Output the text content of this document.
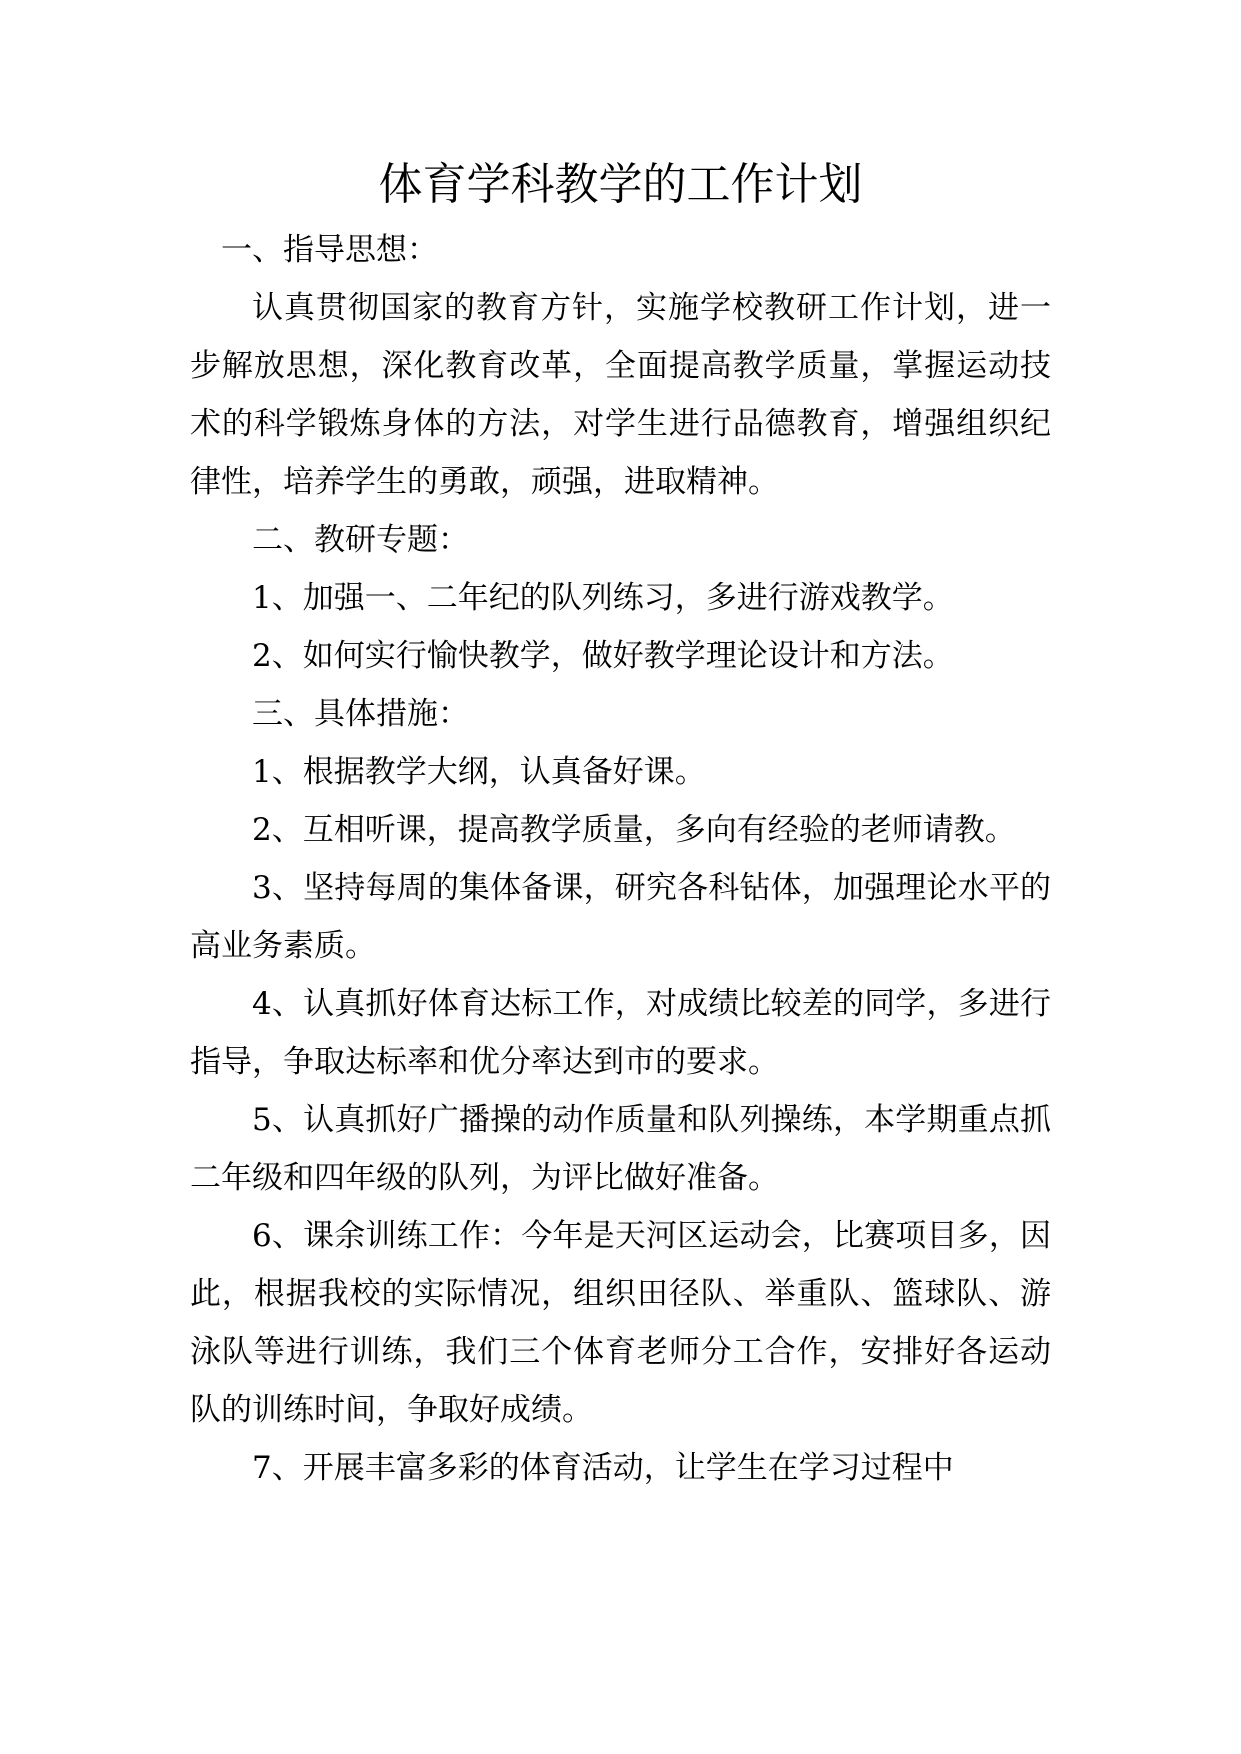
体育学科教学的工作计划

一、指导思想：

认真贯彻国家的教育方针，实施学校教研工作计划，进一步解放思想，深化教育改革，全面提高教学质量，掌握运动技术的科学锻炼身体的方法，对学生进行品德教育，增强组织纪律性，培养学生的勇敢，顽强，进取精神。

二、教研专题：

1、加强一、二年纪的队列练习，多进行游戏教学。

2、如何实行愉快教学，做好教学理论设计和方法。

三、具体措施：

1、根据教学大纲，认真备好课。

2、互相听课，提高教学质量，多向有经验的老师请教。

3、坚持每周的集体备课，研究各科钻体，加强理论水平的高业务素质。

4、认真抓好体育达标工作，对成绩比较差的同学，多进行指导，争取达标率和优分率达到市的要求。

5、认真抓好广播操的动作质量和队列操练，本学期重点抓二年级和四年级的队列，为评比做好准备。

6、课余训练工作：今年是天河区运动会，比赛项目多，因此，根据我校的实际情况，组织田径队、举重队、篮球队、游泳队等进行训练，我们三个体育老师分工合作，安排好各运动队的训练时间，争取好成绩。

7、开展丰富多彩的体育活动，让学生在学习过程中
